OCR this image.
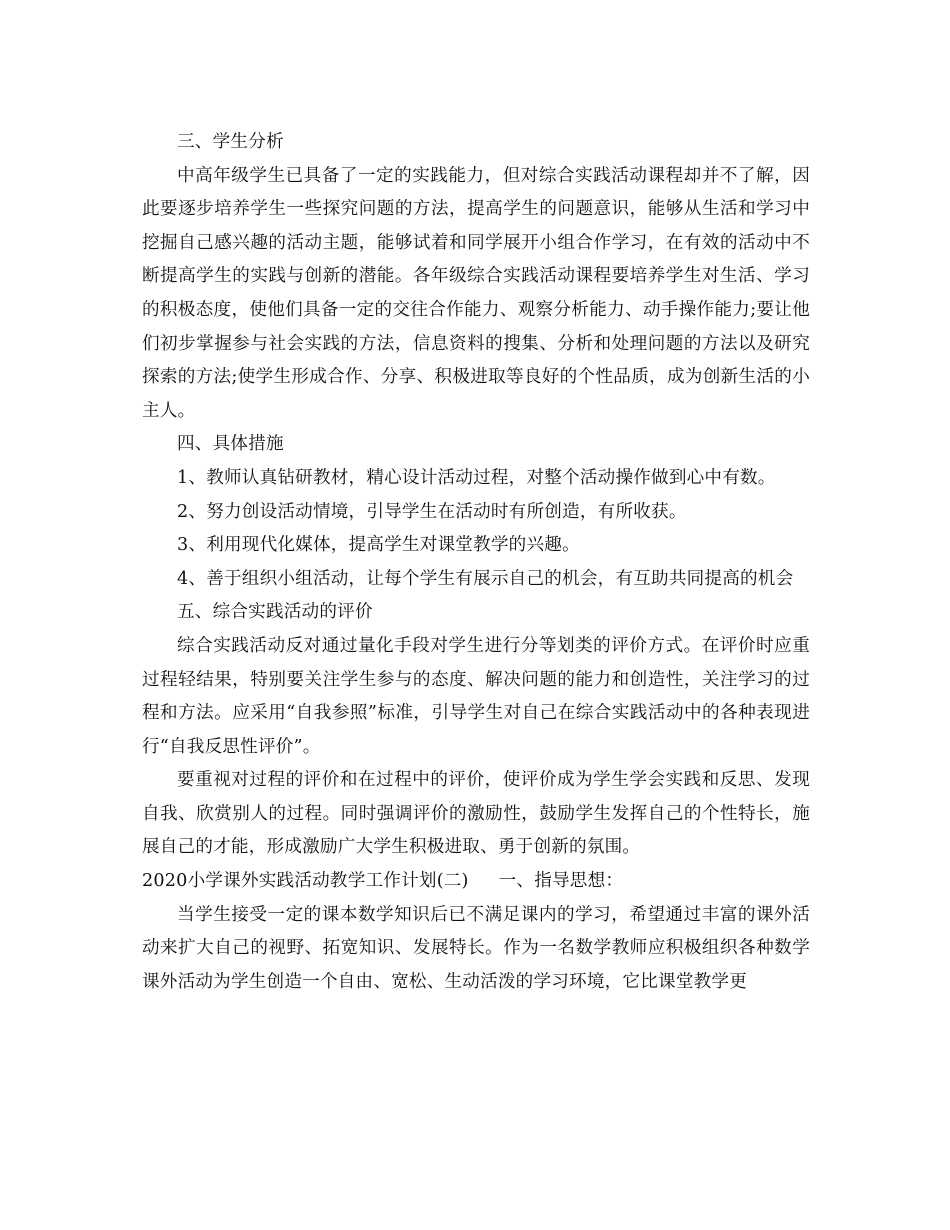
三、学生分析

中高年级学生已具备了一定的实践能力，但对综合实践活动课程却并不了解，因此要逐步培养学生一些探究问题的方法，提高学生的问题意识，能够从生活和学习中挖掘自己感兴趣的活动主题，能够试着和同学展开小组合作学习，在有效的活动中不断提高学生的实践与创新的潜能。各年级综合实践活动课程要培养学生对生活、学习的积极态度，使他们具备一定的交往合作能力、观察分析能力、动手操作能力;要让他们初步掌握参与社会实践的方法，信息资料的搜集、分析和处理问题的方法以及研究探索的方法;使学生形成合作、分享、积极进取等良好的个性品质，成为创新生活的小主人。

四、具体措施

1、教师认真钻研教材，精心设计活动过程，对整个活动操作做到心中有数。

2、努力创设活动情境，引导学生在活动时有所创造，有所收获。

3、利用现代化媒体，提高学生对课堂教学的兴趣。

4、善于组织小组活动，让每个学生有展示自己的机会，有互助共同提高的机会

五、综合实践活动的评价

综合实践活动反对通过量化手段对学生进行分等划类的评价方式。在评价时应重过程轻结果，特别要关注学生参与的态度、解决问题的能力和创造性，关注学习的过程和方法。应采用“自我参照”标准，引导学生对自己在综合实践活动中的各种表现进行“自我反思性评价”。

要重视对过程的评价和在过程中的评价，使评价成为学生学会实践和反思、发现自我、欣赏别人的过程。同时强调评价的激励性，鼓励学生发挥自己的个性特长，施展自己的才能，形成激励广大学生积极进取、勇于创新的氛围。

2020小学课外实践活动教学工作计划(二) 一、指导思想：

当学生接受一定的课本数学知识后已不满足课内的学习，希望通过丰富的课外活动来扩大自己的视野、拓宽知识、发展特长。作为一名数学教师应积极组织各种数学课外活动为学生创造一个自由、宽松、生动活泼的学习环境，它比课堂教学更
